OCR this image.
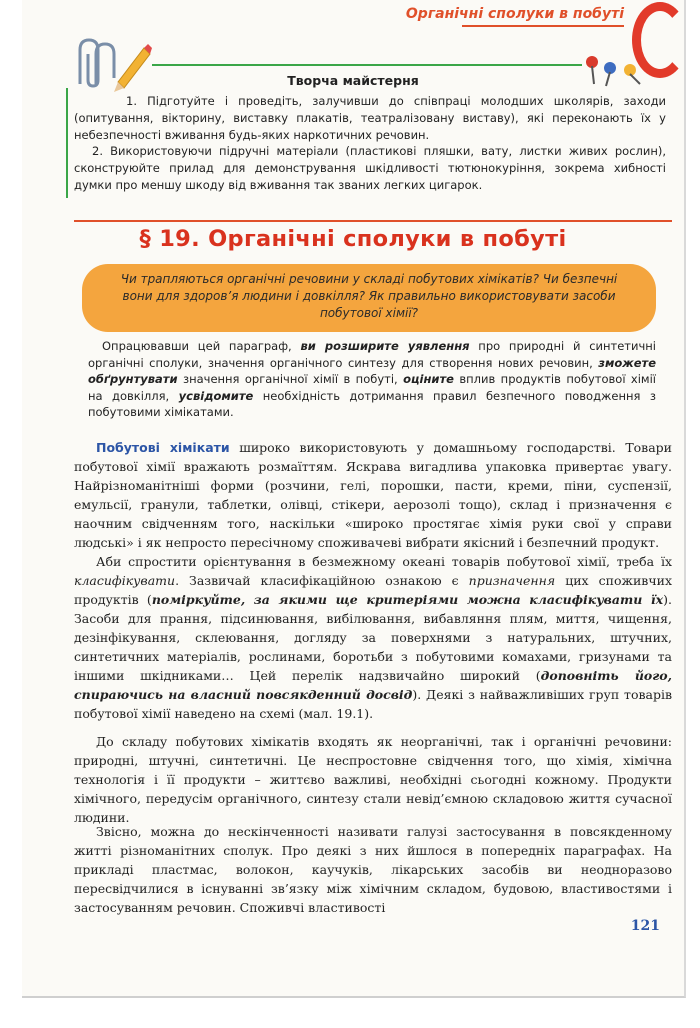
Органічні сполуки в побуті
Творча майстерня

1. Підготуйте і проведіть, залучивши до співпраці молодших школярів, заходи (опитування, вікторину, виставку плакатів, театралізовану виставу), які переконають їх у небезпечності вживання будь-яких наркотичних речовин.

2. Використовуючи підручні матеріали (пластикові пляшки, вату, листки живих рослин), сконструюйте прилад для демонстрування шкідливості тютюнокуріння, зокрема хибності думки про меншу шкоду від вживання так званих легких цигарок.

§ 19. Органічні сполуки в побуті

Чи трапляються органічні речовини у складі побутових хімікатів? Чи безпечні вони для здоров’я людини і довкілля? Як правильно використовувати засоби побутової хімії?

Опрацювавши цей параграф, ви розширите уявлення про природні й синтетичні органічні сполуки, значення органічного синтезу для створення нових речовин, зможете обґрунтувати значення органічної хімії в побуті, оціните вплив продуктів побутової хімії на довкілля, усвідомите необхідність дотримання правил безпечного поводження з побутовими хімікатами.

Побутові хімікати широко використовують у домашньому господарстві. Товари побутової хімії вражають розмаїттям. Яскрава вигадлива упаковка привертає увагу. Найрізноманітніші форми (розчини, гелі, порошки, пасти, креми, піни, суспензії, емульсії, гранули, таблетки, олівці, стікери, аерозолі тощо), склад і призначення є наочним свідченням того, наскільки «широко простягає хімія руки свої у справи людські» і як непросто пересічному споживачеві вибрати якісний і безпечний продукт.

Аби спростити орієнтування в безмежному океані товарів побутової хімії, треба їх класифікувати. Зазвичай класифікаційною ознакою є призначення цих споживчих продуктів (поміркуйте, за якими ще критеріями можна класифікувати їх). Засоби для прання, підсинювання, вибілювання, вибавляння плям, миття, чищення, дезінфікування, склеювання, догляду за поверхнями з натуральних, штучних, синтетичних матеріалів, рослинами, боротьби з побутовими комахами, гризунами та іншими шкідниками… Цей перелік надзвичайно широкий (доповніть його, спираючись на власний повсякденний досвід). Деякі з найважливіших груп товарів побутової хімії наведено на схемі (мал. 19.1).

До складу побутових хімікатів входять як неорганічні, так і органічні речовини: природні, штучні, синтетичні. Це неспростовне свідчення того, що хімія, хімічна технологія і її продукти – життєво важливі, необхідні сьогодні кожному. Продукти хімічного, передусім органічного, синтезу стали невід’ємною складовою життя сучасної людини.

Звісно, можна до нескінченності називати галузі застосування в повсякденному житті різноманітних сполук. Про деякі з них йшлося в попередніх параграфах. На прикладі пластмас, волокон, каучуків, лікарських засобів ви неодноразово пересвідчилися в існуванні зв’язку між хімічним складом, будовою, властивостями і застосуванням речовин. Споживчі властивості

121
